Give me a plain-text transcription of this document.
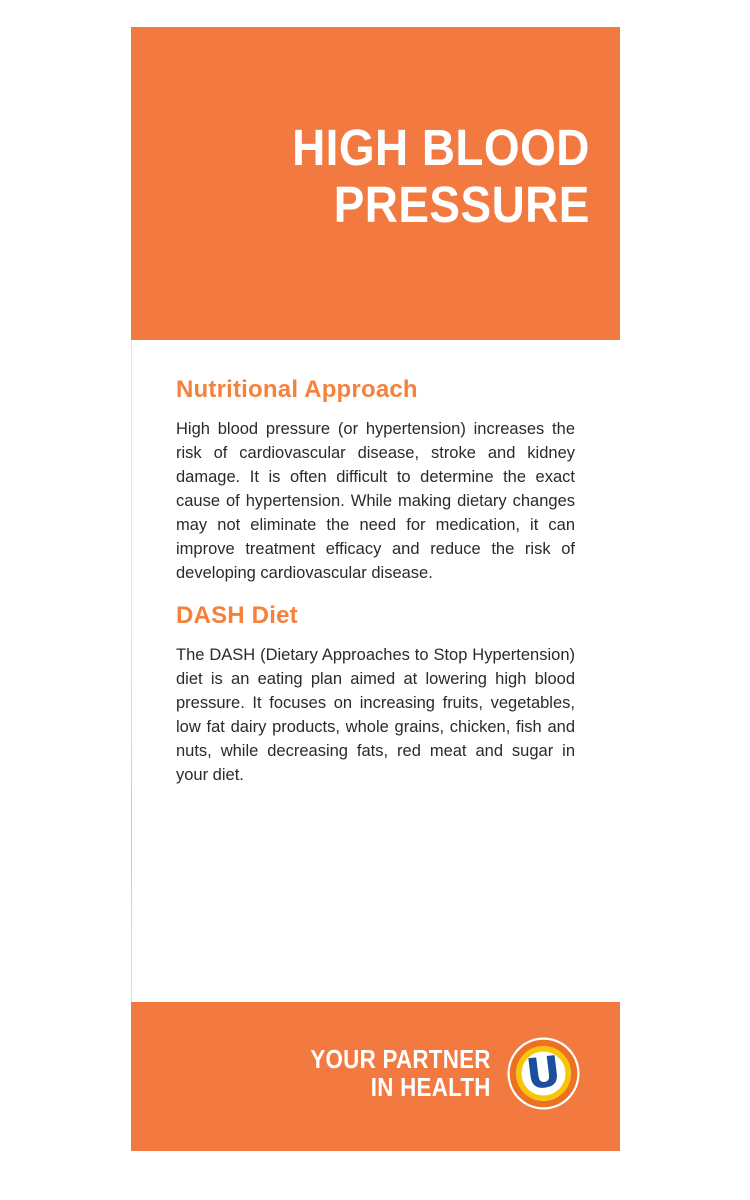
HIGH BLOOD
PRESSURE
Nutritional Approach

High blood pressure (or hypertension) increases the risk of cardiovascular disease, stroke and kidney damage. It is often difficult to determine the exact cause of hypertension. While making dietary changes may not eliminate the need for medication, it can improve treatment efficacy and reduce the risk of developing cardiovascular disease.

DASH Diet

The DASH (Dietary Approaches to Stop Hypertension) diet is an eating plan aimed at lowering high blood pressure. It focuses on increasing fruits, vegetables, low fat dairy products, whole grains, chicken, fish and nuts, while decreasing fats, red meat and sugar in your diet.

YOUR PARTNER
IN HEALTH U
